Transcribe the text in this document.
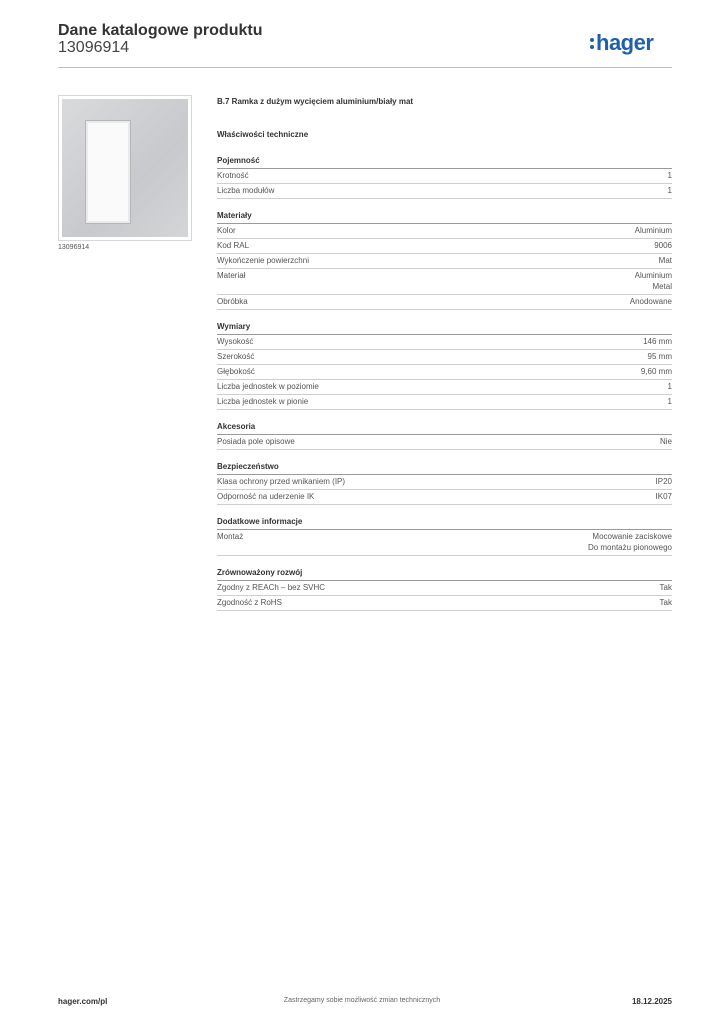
Dane katalogowe produktu
13096914	hager
13096914
B.7 Ramka z dużym wycięciem aluminium/biały mat
Właściwości techniczne
Pojemność
Krotność	1
Liczba modułów	1
Materiały
Kolor	Aluminium
Kod RAL	9006
Wykończenie powierzchni	Mat
Materiał	Aluminium
Metal
Obróbka	Anodowane
Wymiary
Wysokość	146 mm
Szerokość	95 mm
Głębokość	9,60 mm
Liczba jednostek w poziomie	1
Liczba jednostek w pionie	1
Akcesoria
Posiada pole opisowe	Nie
Bezpieczeństwo
Klasa ochrony przed wnikaniem (IP)	IP20
Odporność na uderzenie IK	IK07
Dodatkowe informacje
Montaż	Mocowanie zaciskowe
Do montażu pionowego
Zrównoważony rozwój
Zgodny z REACh – bez SVHC	Tak
Zgodność z RoHS	Tak
hager.com/pl	Zastrzegamy sobie możliwość zmian technicznych	18.12.2025
